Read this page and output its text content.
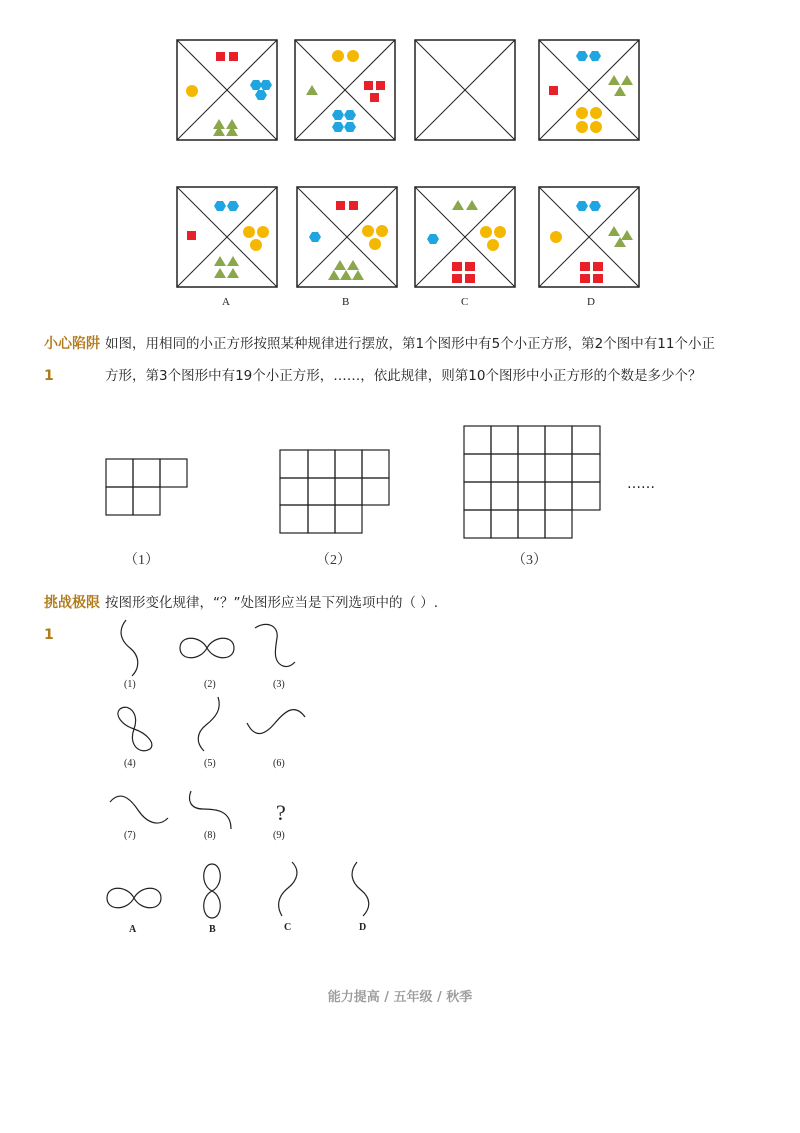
A	B	C	D
小心陷阱1
如图，用相同的小正方形按照某种规律进行摆放，第1个图形中有5个小正方形，第2个图中有11个小正方形，第3个图形中有19个小正方形，……，依此规律，则第10个图形中小正方形的个数是多少个？
（1）	（2）	（3）
……
挑战极限1
按图形变化规律，“？”处图形应当是下列选项中的（ ）.
(1)	(2)	(3)
(4)	(5)	(6)
(7)	(8)
?
(9)
A	B	C	D
能力提高 / 五年级 / 秋季
